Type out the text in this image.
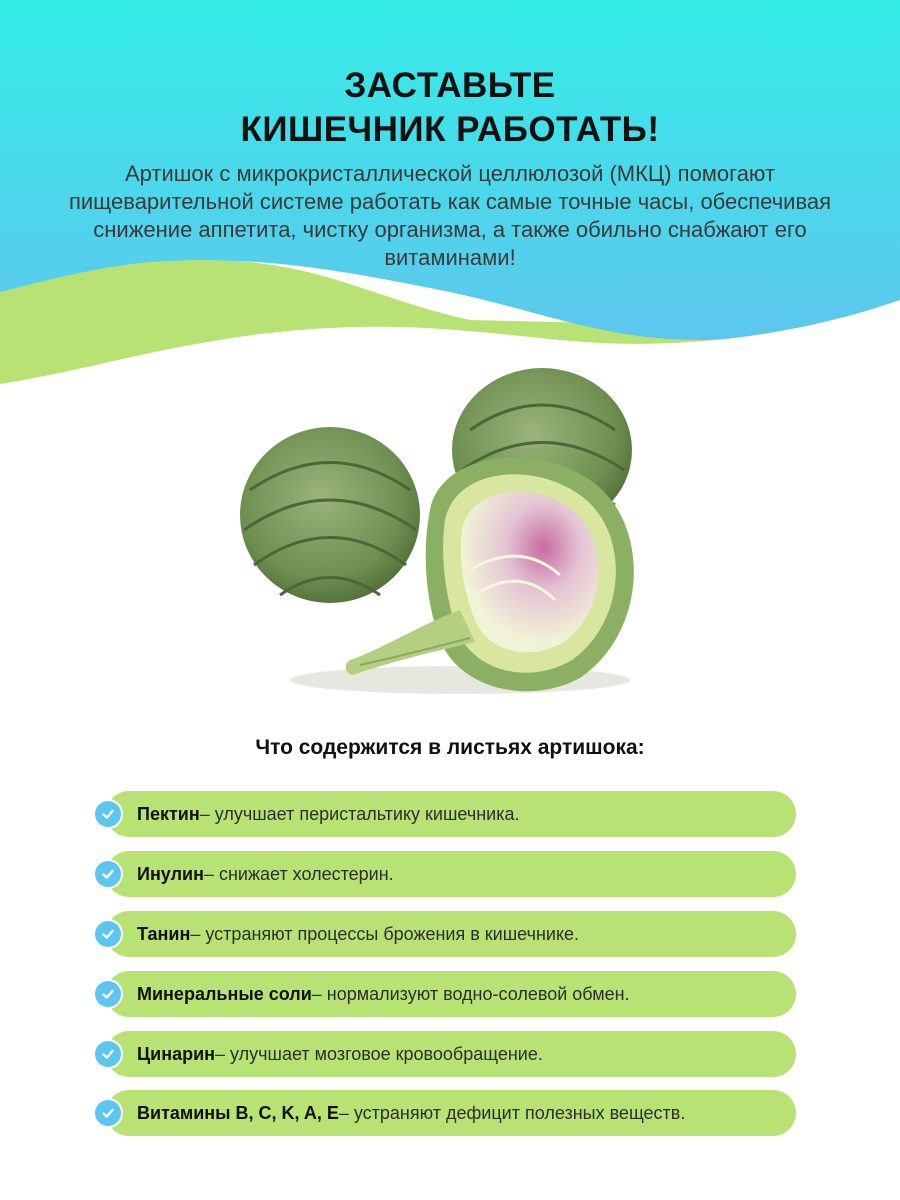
ЗАСТАВЬТЕ
КИШЕЧНИК РАБОТАТЬ!
Артишок с микрокристаллической целлюлозой (МКЦ) помогают пищеварительной системе работать как самые точные часы, обеспечивая снижение аппетита, чистку организма, а также обильно снабжают его витаминами!
Что содержится в листьях артишока:
Пектин – улучшает перистальтику кишечника.
Инулин – снижает холестерин.
Танин – устраняют процессы брожения в кишечнике.
Минеральные соли – нормализуют водно-солевой обмен.
Цинарин – улучшает мозговое кровообращение.
Витамины B, C, K, A, E – устраняют дефицит полезных веществ.
